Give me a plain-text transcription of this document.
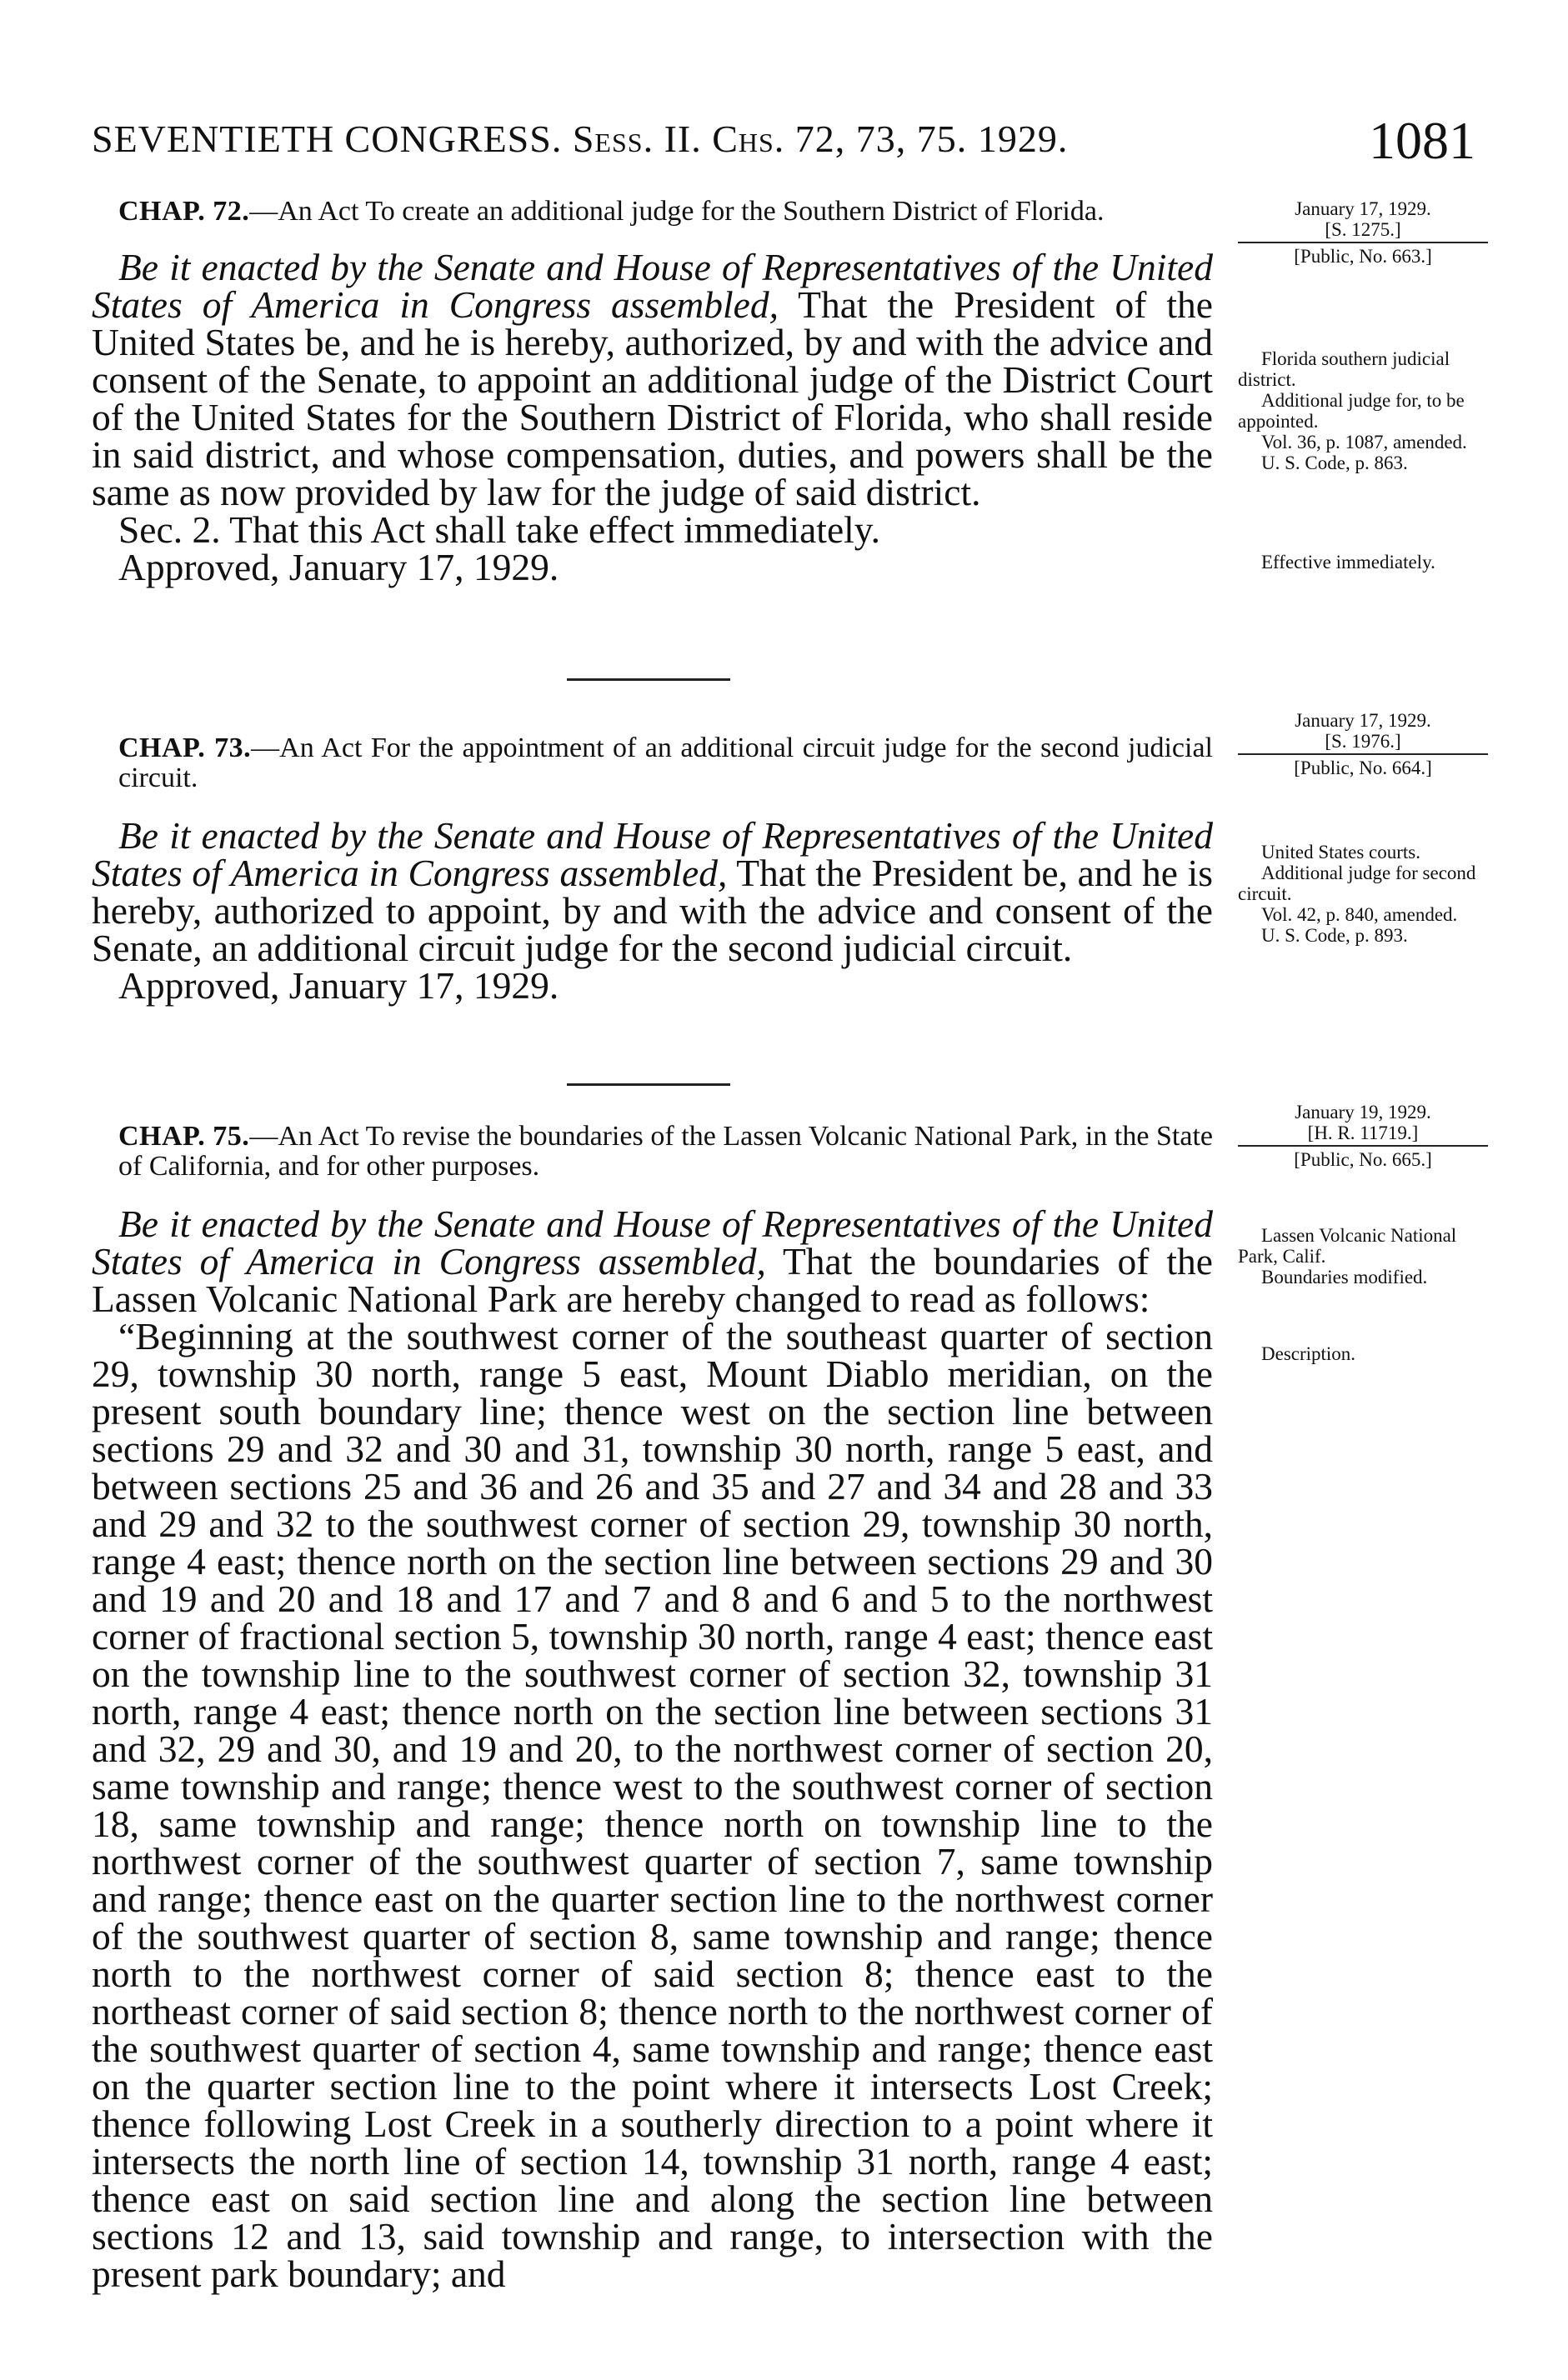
SEVENTIETH CONGRESS. Sess. II. Chs. 72, 73, 75. 1929.	1081

CHAP. 72.—An Act To create an additional judge for the Southern District of Florida.

Be it enacted by the Senate and House of Representatives of the United States of America in Congress assembled, That the President of the United States be, and he is hereby, authorized, by and with the advice and consent of the Senate, to appoint an additional judge of the District Court of the United States for the Southern District of Florida, who shall reside in said district, and whose compensation, duties, and powers shall be the same as now provided by law for the judge of said district.

Sec. 2. That this Act shall take effect immediately.

Approved, January 17, 1929.

January 17, 1929.
[S. 1275.]
[Public, No. 663.]

Florida southern judicial district.

Additional judge for, to be appointed.

Vol. 36, p. 1087, amended.

U. S. Code, p. 863.

Effective immediately.

January 17, 1929.
[S. 1976.]
[Public, No. 664.]

CHAP. 73.—An Act For the appointment of an additional circuit judge for the second judicial circuit.

Be it enacted by the Senate and House of Representatives of the United States of America in Congress assembled, That the President be, and he is hereby, authorized to appoint, by and with the advice and consent of the Senate, an additional circuit judge for the second judicial circuit.

Approved, January 17, 1929.

United States courts.

Additional judge for second circuit.

Vol. 42, p. 840, amended.

U. S. Code, p. 893.

January 19, 1929.
[H. R. 11719.]
[Public, No. 665.]

CHAP. 75.—An Act To revise the boundaries of the Lassen Volcanic National Park, in the State of California, and for other purposes.

Be it enacted by the Senate and House of Representatives of the United States of America in Congress assembled, That the boundaries of the Lassen Volcanic National Park are hereby changed to read as follows:

“Beginning at the southwest corner of the southeast quarter of section 29, township 30 north, range 5 east, Mount Diablo meridian, on the present south boundary line; thence west on the section line between sections 29 and 32 and 30 and 31, township 30 north, range 5 east, and between sections 25 and 36 and 26 and 35 and 27 and 34 and 28 and 33 and 29 and 32 to the southwest corner of section 29, township 30 north, range 4 east; thence north on the section line between sections 29 and 30 and 19 and 20 and 18 and 17 and 7 and 8 and 6 and 5 to the northwest corner of fractional section 5, township 30 north, range 4 east; thence east on the township line to the southwest corner of section 32, township 31 north, range 4 east; thence north on the section line between sections 31 and 32, 29 and 30, and 19 and 20, to the northwest corner of section 20, same township and range; thence west to the southwest corner of section 18, same township and range; thence north on township line to the northwest corner of the southwest quarter of section 7, same township and range; thence east on the quarter section line to the northwest corner of the southwest quarter of section 8, same township and range; thence north to the northwest corner of said section 8; thence east to the northeast corner of said section 8; thence north to the northwest corner of the southwest quarter of section 4, same township and range; thence east on the quarter section line to the point where it intersects Lost Creek; thence following Lost Creek in a southerly direction to a point where it intersects the north line of section 14, township 31 north, range 4 east; thence east on said section line and along the section line between sections 12 and 13, said township and range, to intersection with the present park boundary; and

Lassen Volcanic National Park, Calif.

Boundaries modified.

Description.
